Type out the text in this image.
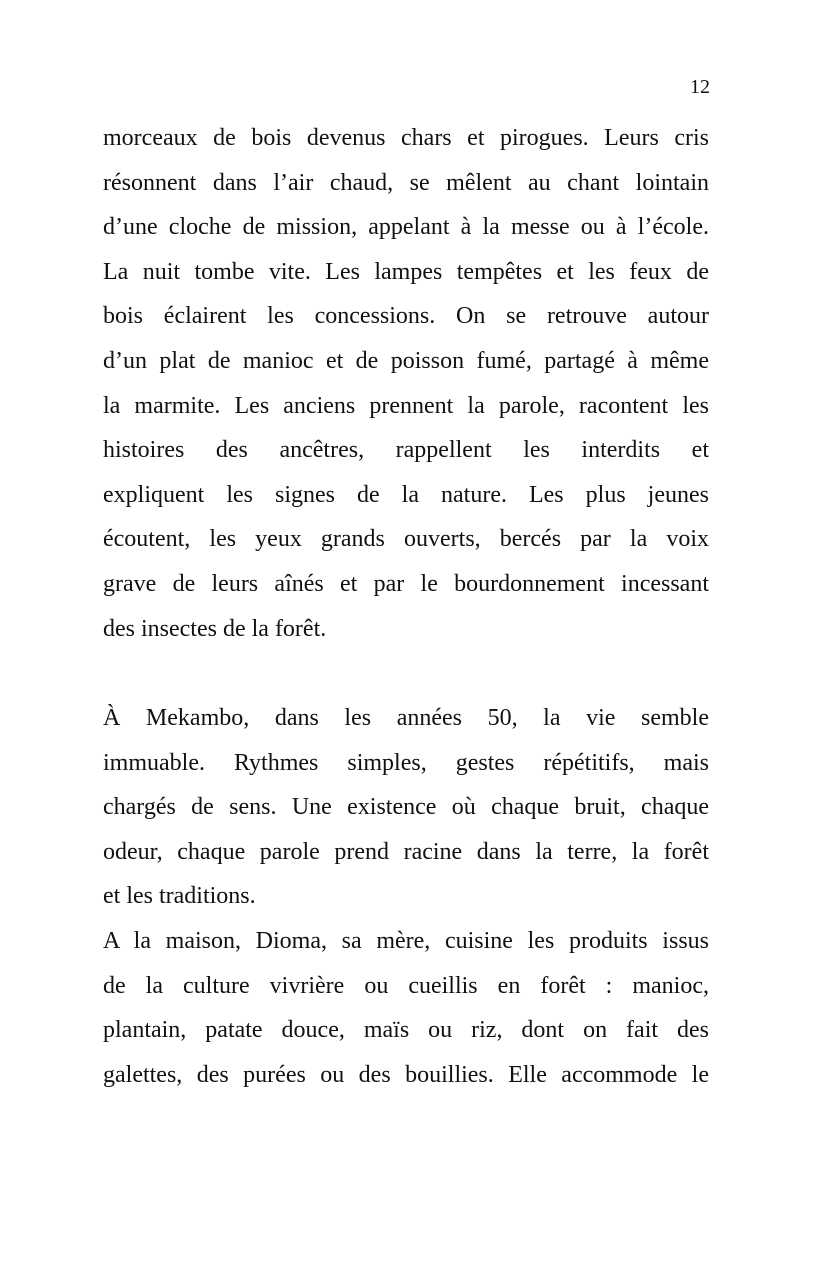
12
morceaux de bois devenus chars et pirogues. Leurs cris
résonnent dans l’air chaud, se mêlent au chant lointain
d’une cloche de mission, appelant à la messe ou à l’école.
La nuit tombe vite. Les lampes tempêtes et les feux de
bois éclairent les concessions. On se retrouve autour
d’un plat de manioc et de poisson fumé, partagé à même
la marmite. Les anciens prennent la parole, racontent les
histoires des ancêtres, rappellent les interdits et
expliquent les signes de la nature. Les plus jeunes
écoutent, les yeux grands ouverts, bercés par la voix
grave de leurs aînés et par le bourdonnement incessant
des insectes de la forêt.
À Mekambo, dans les années 50, la vie semble
immuable. Rythmes simples, gestes répétitifs, mais
chargés de sens. Une existence où chaque bruit, chaque
odeur, chaque parole prend racine dans la terre, la forêt
et les traditions.
A la maison, Dioma, sa mère, cuisine les produits issus
de la culture vivrière ou cueillis en forêt : manioc,
plantain, patate douce, maïs ou riz, dont on fait des
galettes, des purées ou des bouillies. Elle accommode le
